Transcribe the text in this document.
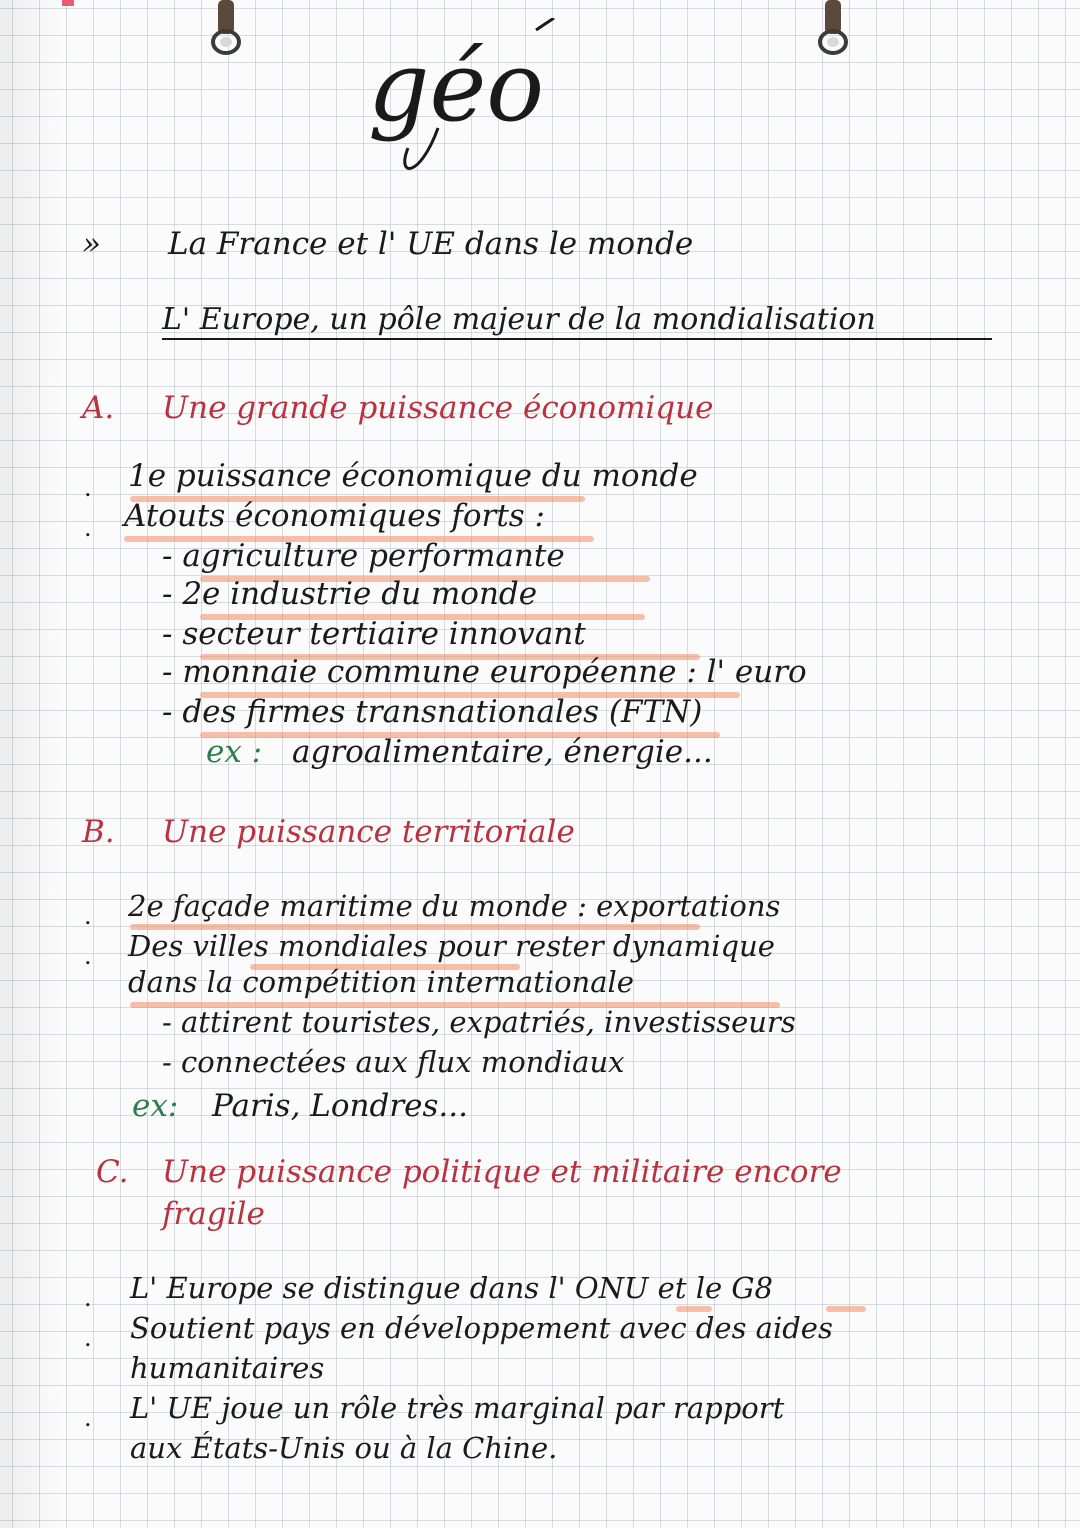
géo
» La France et l' UE dans le monde
L' Europe, un pôle majeur de la mondialisation
A. Une grande puissance économique
. 1e puissance économique du monde
. Atouts économiques forts :
- agriculture performante
- 2e industrie du monde
- secteur tertiaire innovant
- monnaie commune européenne : l' euro
- des firmes transnationales (FTN)
ex : agroalimentaire, énergie...
B. Une puissance territoriale
. 2e façade maritime du monde : exportations
. Des villes mondiales pour rester dynamique
dans la compétition internationale
- attirent touristes, expatriés, investisseurs
- connectées aux flux mondiaux
ex: Paris, Londres...
C. Une puissance politique et militaire encore
fragile
. L' Europe se distingue dans l' ONU et le G8
. Soutient pays en développement avec des aides
humanitaires
. L' UE joue un rôle très marginal par rapport
aux États-Unis ou à la Chine.
